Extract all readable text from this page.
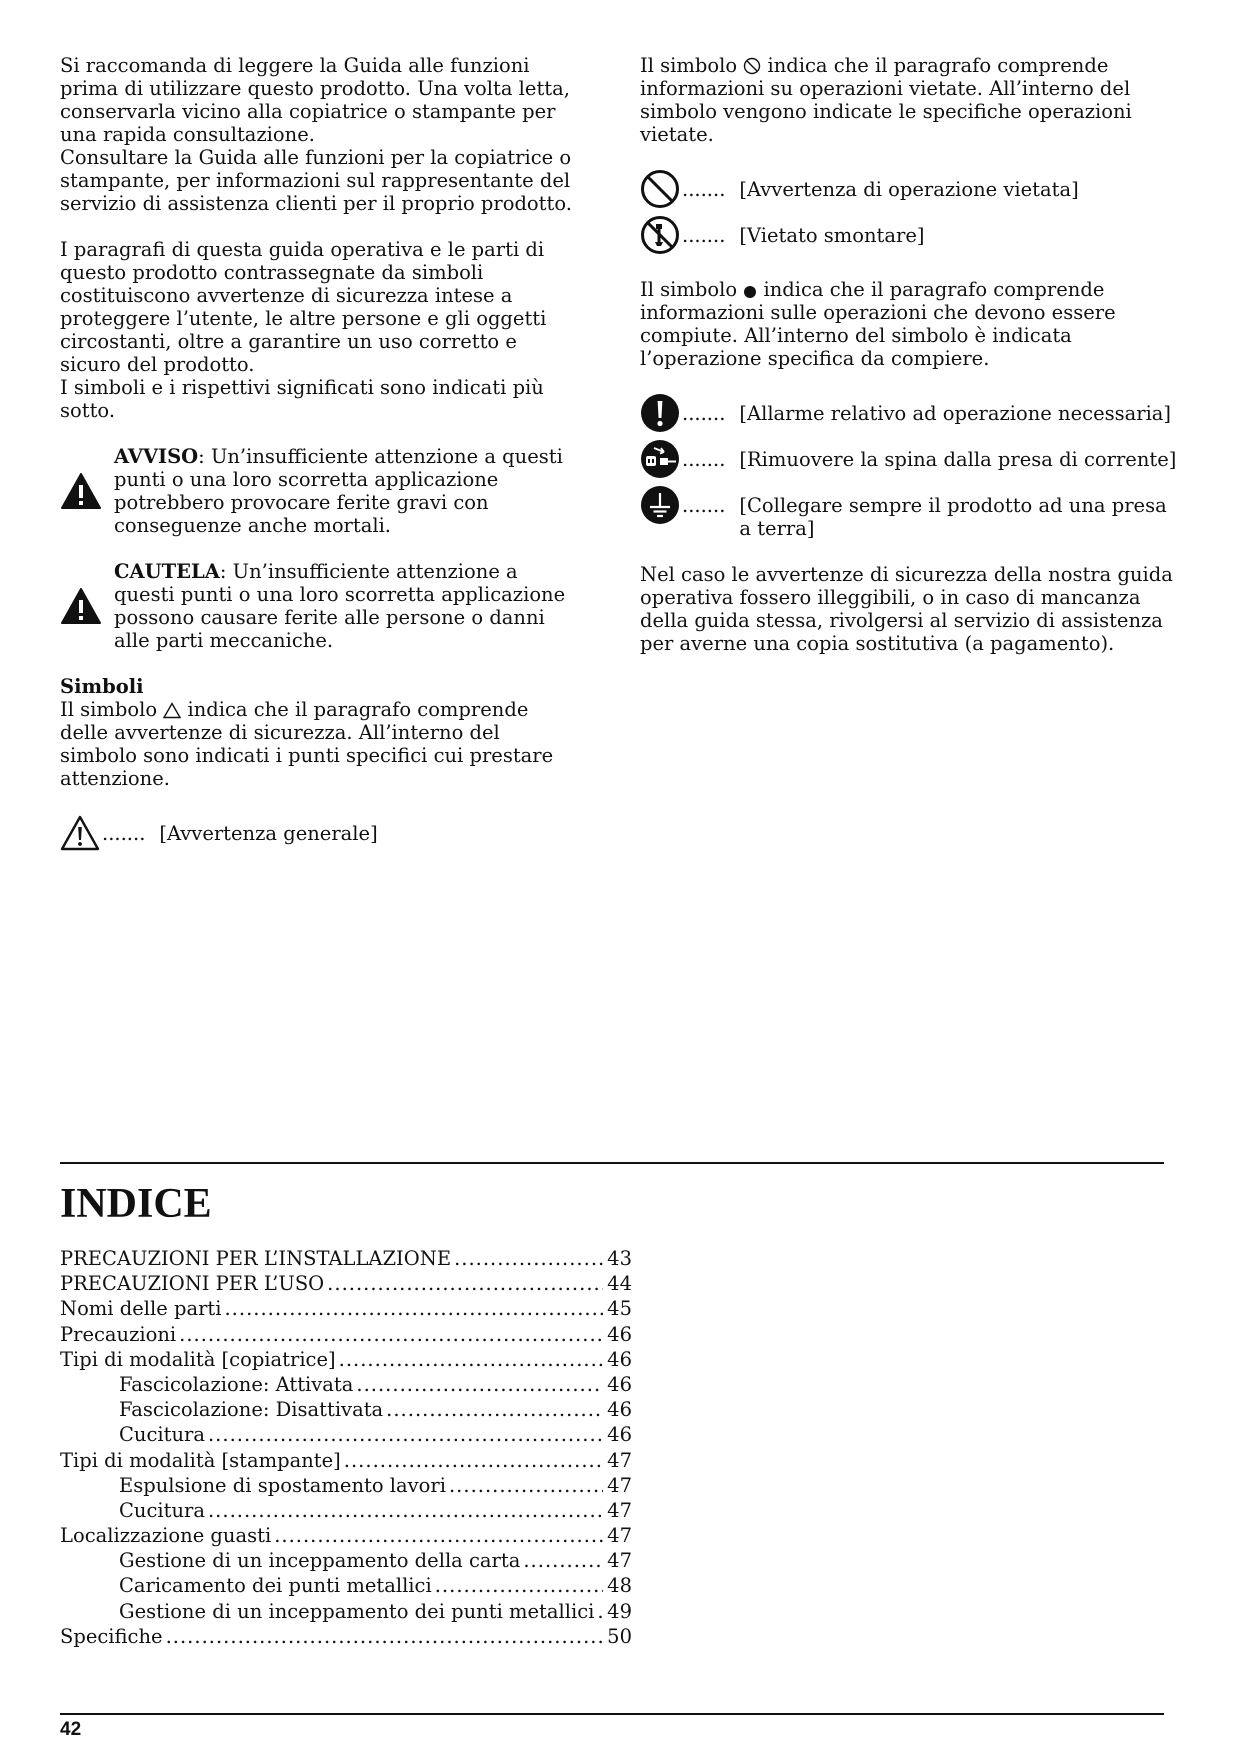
Si raccomanda di leggere la Guida alle funzioni prima di utilizzare questo prodotto. Una volta letta, conservarla vicino alla copiatrice o stampante per una rapida consultazione.

Consultare la Guida alle funzioni per la copiatrice o stampante, per informazioni sul rappresentante del servizio di assistenza clienti per il proprio prodotto.

I paragrafi di questa guida operativa e le parti di questo prodotto contrassegnate da simboli costituiscono avvertenze di sicurezza intese a proteggere l’utente, le altre persone e gli oggetti circostanti, oltre a garantire un uso corretto e sicuro del prodotto.

I simboli e i rispettivi significati sono indicati più sotto.

AVVISO: Un’insufficiente attenzione a questi punti o una loro scorretta applicazione potrebbero provocare ferite gravi con conseguenze anche mortali.
CAUTELA: Un’insufficiente attenzione a questi punti o una loro scorretta applicazione possono causare ferite alle persone o danni alle parti meccaniche.

Simboli

Il simbolo indica che il paragrafo comprende delle avvertenze di sicurezza. All’interno del simbolo sono indicati i punti specifici cui prestare attenzione.

....... [Avvertenza generale]

Il simbolo indica che il paragrafo comprende informazioni su operazioni vietate. All’interno del simbolo vengono indicate le specifiche operazioni vietate.

....... [Avvertenza di operazione vietata]
....... [Vietato smontare]

Il simbolo indica che il paragrafo comprende informazioni sulle operazioni che devono essere compiute. All’interno del simbolo è indicata l’operazione specifica da compiere.

....... [Allarme relativo ad operazione necessaria]
....... [Rimuovere la spina dalla presa di corrente]
....... [Collegare sempre il prodotto ad una presa a terra]

Nel caso le avvertenze di sicurezza della nostra guida operativa fossero illeggibili, o in caso di mancanza della guida stessa, rivolgersi al servizio di assistenza per averne una copia sostitutiva (a pagamento).

INDICE
PRECAUZIONI PER L’INSTALLAZIONE .....	43
PRECAUZIONI PER L’USO .....	44
Nomi delle parti .....	45
Precauzioni .....	46
Tipi di modalità [copiatrice] .....	46
Fascicolazione: Attivata .....	46
Fascicolazione: Disattivata .....	46
Cucitura .....	46
Tipi di modalità [stampante] .....	47
Espulsione di spostamento lavori .....	47
Cucitura .....	47
Localizzazione guasti .....	47
Gestione di un inceppamento della carta .....	47
Caricamento dei punti metallici .....	48
Gestione di un inceppamento dei punti metallici ..... 49
Specifiche .....	50
42
